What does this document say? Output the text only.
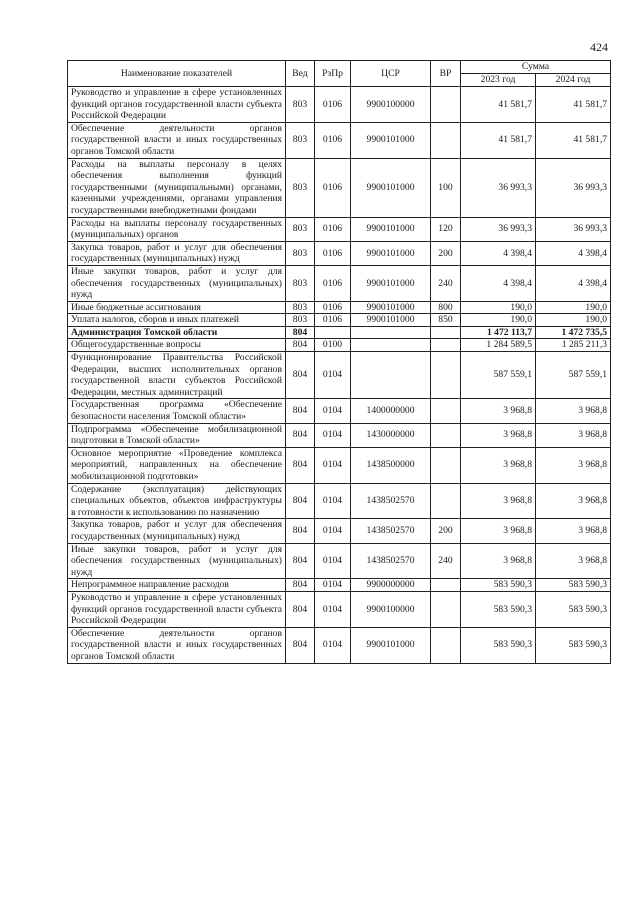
424
Наименование показателей	Вед	РзПр	ЦСР	ВР	Сумма	
					2023 год	2024 год
Руководство и управление в сфере установленных функций органов государственной власти субъекта Российской Федерации	803	0106	9900100000		41 581,7	41 581,7
Обеспечение деятельности органов государственной власти и иных государственных органов Томской области	803	0106	9900101000		41 581,7	41 581,7
Расходы на выплаты персоналу в целях обеспечения выполнения функций государственными (муниципальными) органами, казенными учреждениями, органами управления государственными внебюджетными фондами	803	0106	9900101000	100	36 993,3	36 993,3
Расходы на выплаты персоналу государственных (муниципальных) органов	803	0106	9900101000	120	36 993,3	36 993,3
Закупка товаров, работ и услуг для обеспечения государственных (муниципальных) нужд	803	0106	9900101000	200	4 398,4	4 398,4
Иные закупки товаров, работ и услуг для обеспечения государственных (муниципальных) нужд	803	0106	9900101000	240	4 398,4	4 398,4
Иные бюджетные ассигнования	803	0106	9900101000	800	190,0	190,0
Уплата налогов, сборов и иных платежей	803	0106	9900101000	850	190,0	190,0
Администрация Томской области	804				1 472 113,7	1 472 735,5
Общегосударственные вопросы	804	0100			1 284 589,5	1 285 211,3
Функционирование Правительства Российской Федерации, высших исполнительных органов государственной власти субъектов Российской Федерации, местных администраций	804	0104			587 559,1	587 559,1
Государственная программа «Обеспечение безопасности населения Томской области»	804	0104	1400000000		3 968,8	3 968,8
Подпрограмма «Обеспечение мобилизационной подготовки в Томской области»	804	0104	1430000000		3 968,8	3 968,8
Основное мероприятие «Проведение комплекса мероприятий, направленных на обеспечение мобилизационной подготовки»	804	0104	1438500000		3 968,8	3 968,8
Содержание (эксплуатация) действующих специальных объектов, объектов инфраструктуры в готовности к использованию по назначению	804	0104	1438502570		3 968,8	3 968,8
Закупка товаров, работ и услуг для обеспечения государственных (муниципальных) нужд	804	0104	1438502570	200	3 968,8	3 968,8
Иные закупки товаров, работ и услуг для обеспечения государственных (муниципальных) нужд	804	0104	1438502570	240	3 968,8	3 968,8
Непрограммное направление расходов	804	0104	9900000000		583 590,3	583 590,3
Руководство и управление в сфере установленных функций органов государственной власти субъекта Российской Федерации	804	0104	9900100000		583 590,3	583 590,3
Обеспечение деятельности органов государственной власти и иных государственных органов Томской области	804	0104	9900101000		583 590,3	583 590,3
